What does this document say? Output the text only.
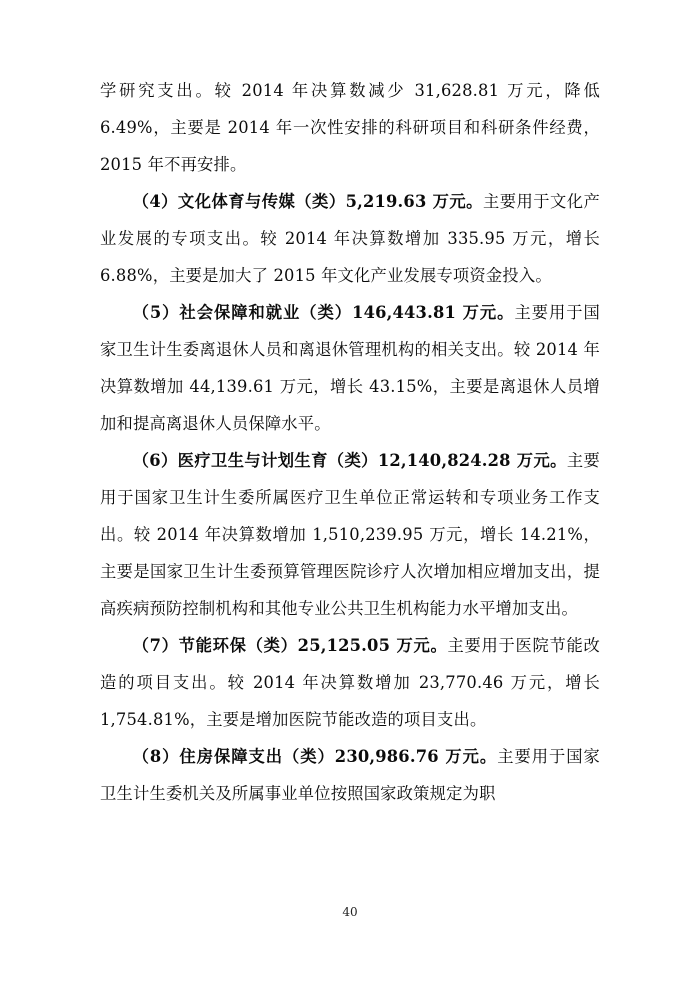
学研究支出。较 2014 年决算数减少 31,628.81 万元，降低 6.49%，主要是 2014 年一次性安排的科研项目和科研条件经费，2015 年不再安排。

（4）文化体育与传媒（类）5,219.63 万元。主要用于文化产业发展的专项支出。较 2014 年决算数增加 335.95 万元，增长 6.88%，主要是加大了 2015 年文化产业发展专项资金投入。

（5）社会保障和就业（类）146,443.81 万元。主要用于国家卫生计生委离退休人员和离退休管理机构的相关支出。较 2014 年决算数增加 44,139.61 万元，增长 43.15%，主要是离退休人员增加和提高离退休人员保障水平。

（6）医疗卫生与计划生育（类）12,140,824.28 万元。主要用于国家卫生计生委所属医疗卫生单位正常运转和专项业务工作支出。较 2014 年决算数增加 1,510,239.95 万元，增长 14.21%，主要是国家卫生计生委预算管理医院诊疗人次增加相应增加支出，提高疾病预防控制机构和其他专业公共卫生机构能力水平增加支出。

（7）节能环保（类）25,125.05 万元。主要用于医院节能改造的项目支出。较 2014 年决算数增加 23,770.46 万元，增长 1,754.81%，主要是增加医院节能改造的项目支出。

（8）住房保障支出（类）230,986.76 万元。主要用于国家卫生计生委机关及所属事业单位按照国家政策规定为职

40
